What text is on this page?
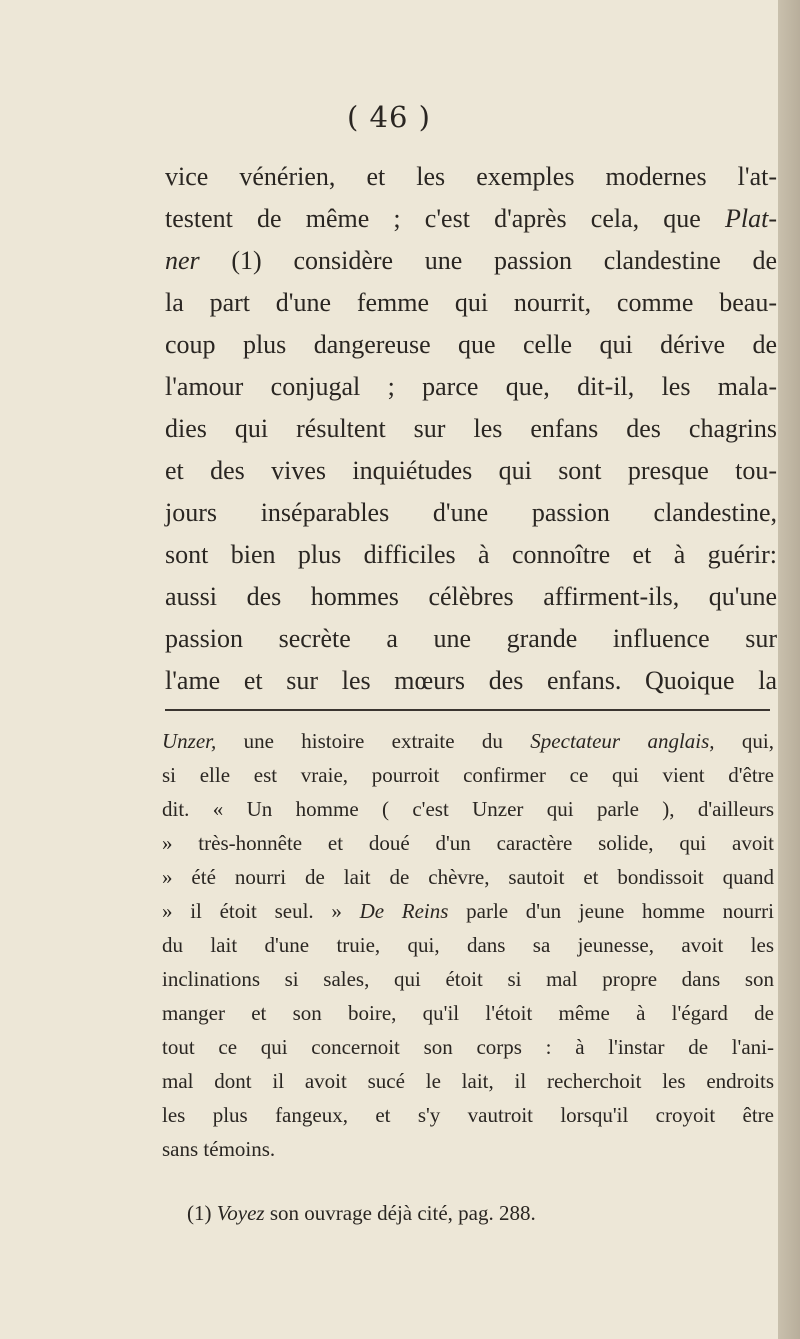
( 46 )
vice vénérien, et les exemples modernes l'at-
testent de même ; c'est d'après cela, que Plat-
ner (1) considère une passion clandestine de
la part d'une femme qui nourrit, comme beau-
coup plus dangereuse que celle qui dérive de
l'amour conjugal ; parce que, dit-il, les mala-
dies qui résultent sur les enfans des chagrins
et des vives inquiétudes qui sont presque tou-
jours inséparables d'une passion clandestine,
sont bien plus difficiles à connoître et à guérir:
aussi des hommes célèbres affirment-ils, qu'une
passion secrète a une grande influence sur
l'ame et sur les mœurs des enfans. Quoique la
Unzer, une histoire extraite du Spectateur anglais, qui,
si elle est vraie, pourroit confirmer ce qui vient d'être
dit. « Un homme ( c'est Unzer qui parle ), d'ailleurs
» très-honnête et doué d'un caractère solide, qui avoit
» été nourri de lait de chèvre, sautoit et bondissoit quand
» il étoit seul. » De Reins parle d'un jeune homme nourri
du lait d'une truie, qui, dans sa jeunesse, avoit les
inclinations si sales, qui étoit si mal propre dans son
manger et son boire, qu'il l'étoit même à l'égard de
tout ce qui concernoit son corps : à l'instar de l'ani-
mal dont il avoit sucé le lait, il recherchoit les endroits
les plus fangeux, et s'y vautroit lorsqu'il croyoit être
sans témoins.
(1) Voyez son ouvrage déjà cité, pag. 288.
